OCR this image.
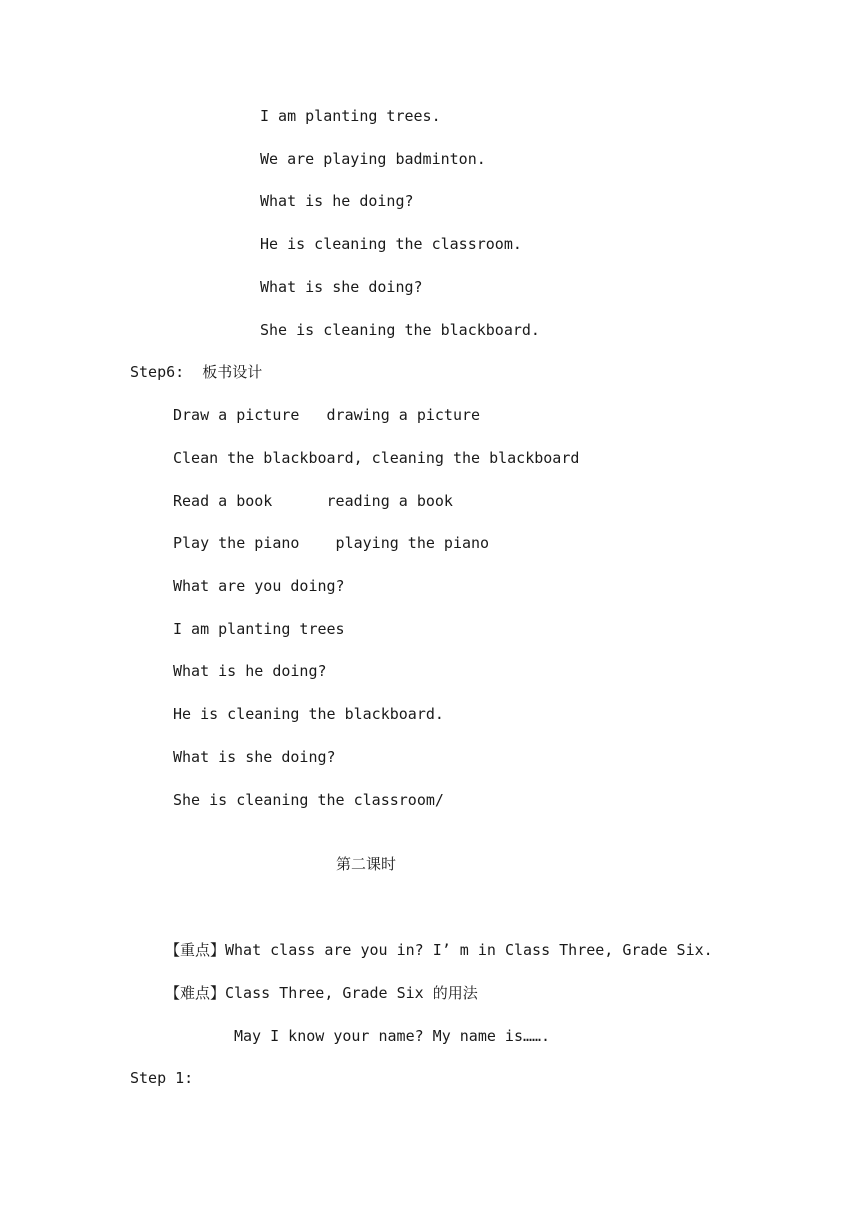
I am planting trees.
We are playing badminton.
What is he doing?
He is cleaning the classroom.
What is she doing?
She is cleaning the blackboard.
Step6:  板书设计
Draw a picture   drawing a picture
Clean the blackboard, cleaning the blackboard
Read a book      reading a book
Play the piano    playing the piano
What are you doing?
I am planting trees
What is he doing?
He is cleaning the blackboard.
What is she doing?
She is cleaning the classroom/
第二课时
【重点】What class are you in? I’ m in Class Three, Grade Six.
【难点】Class Three, Grade Six 的用法
May I know your name? My name is…….
Step 1:
